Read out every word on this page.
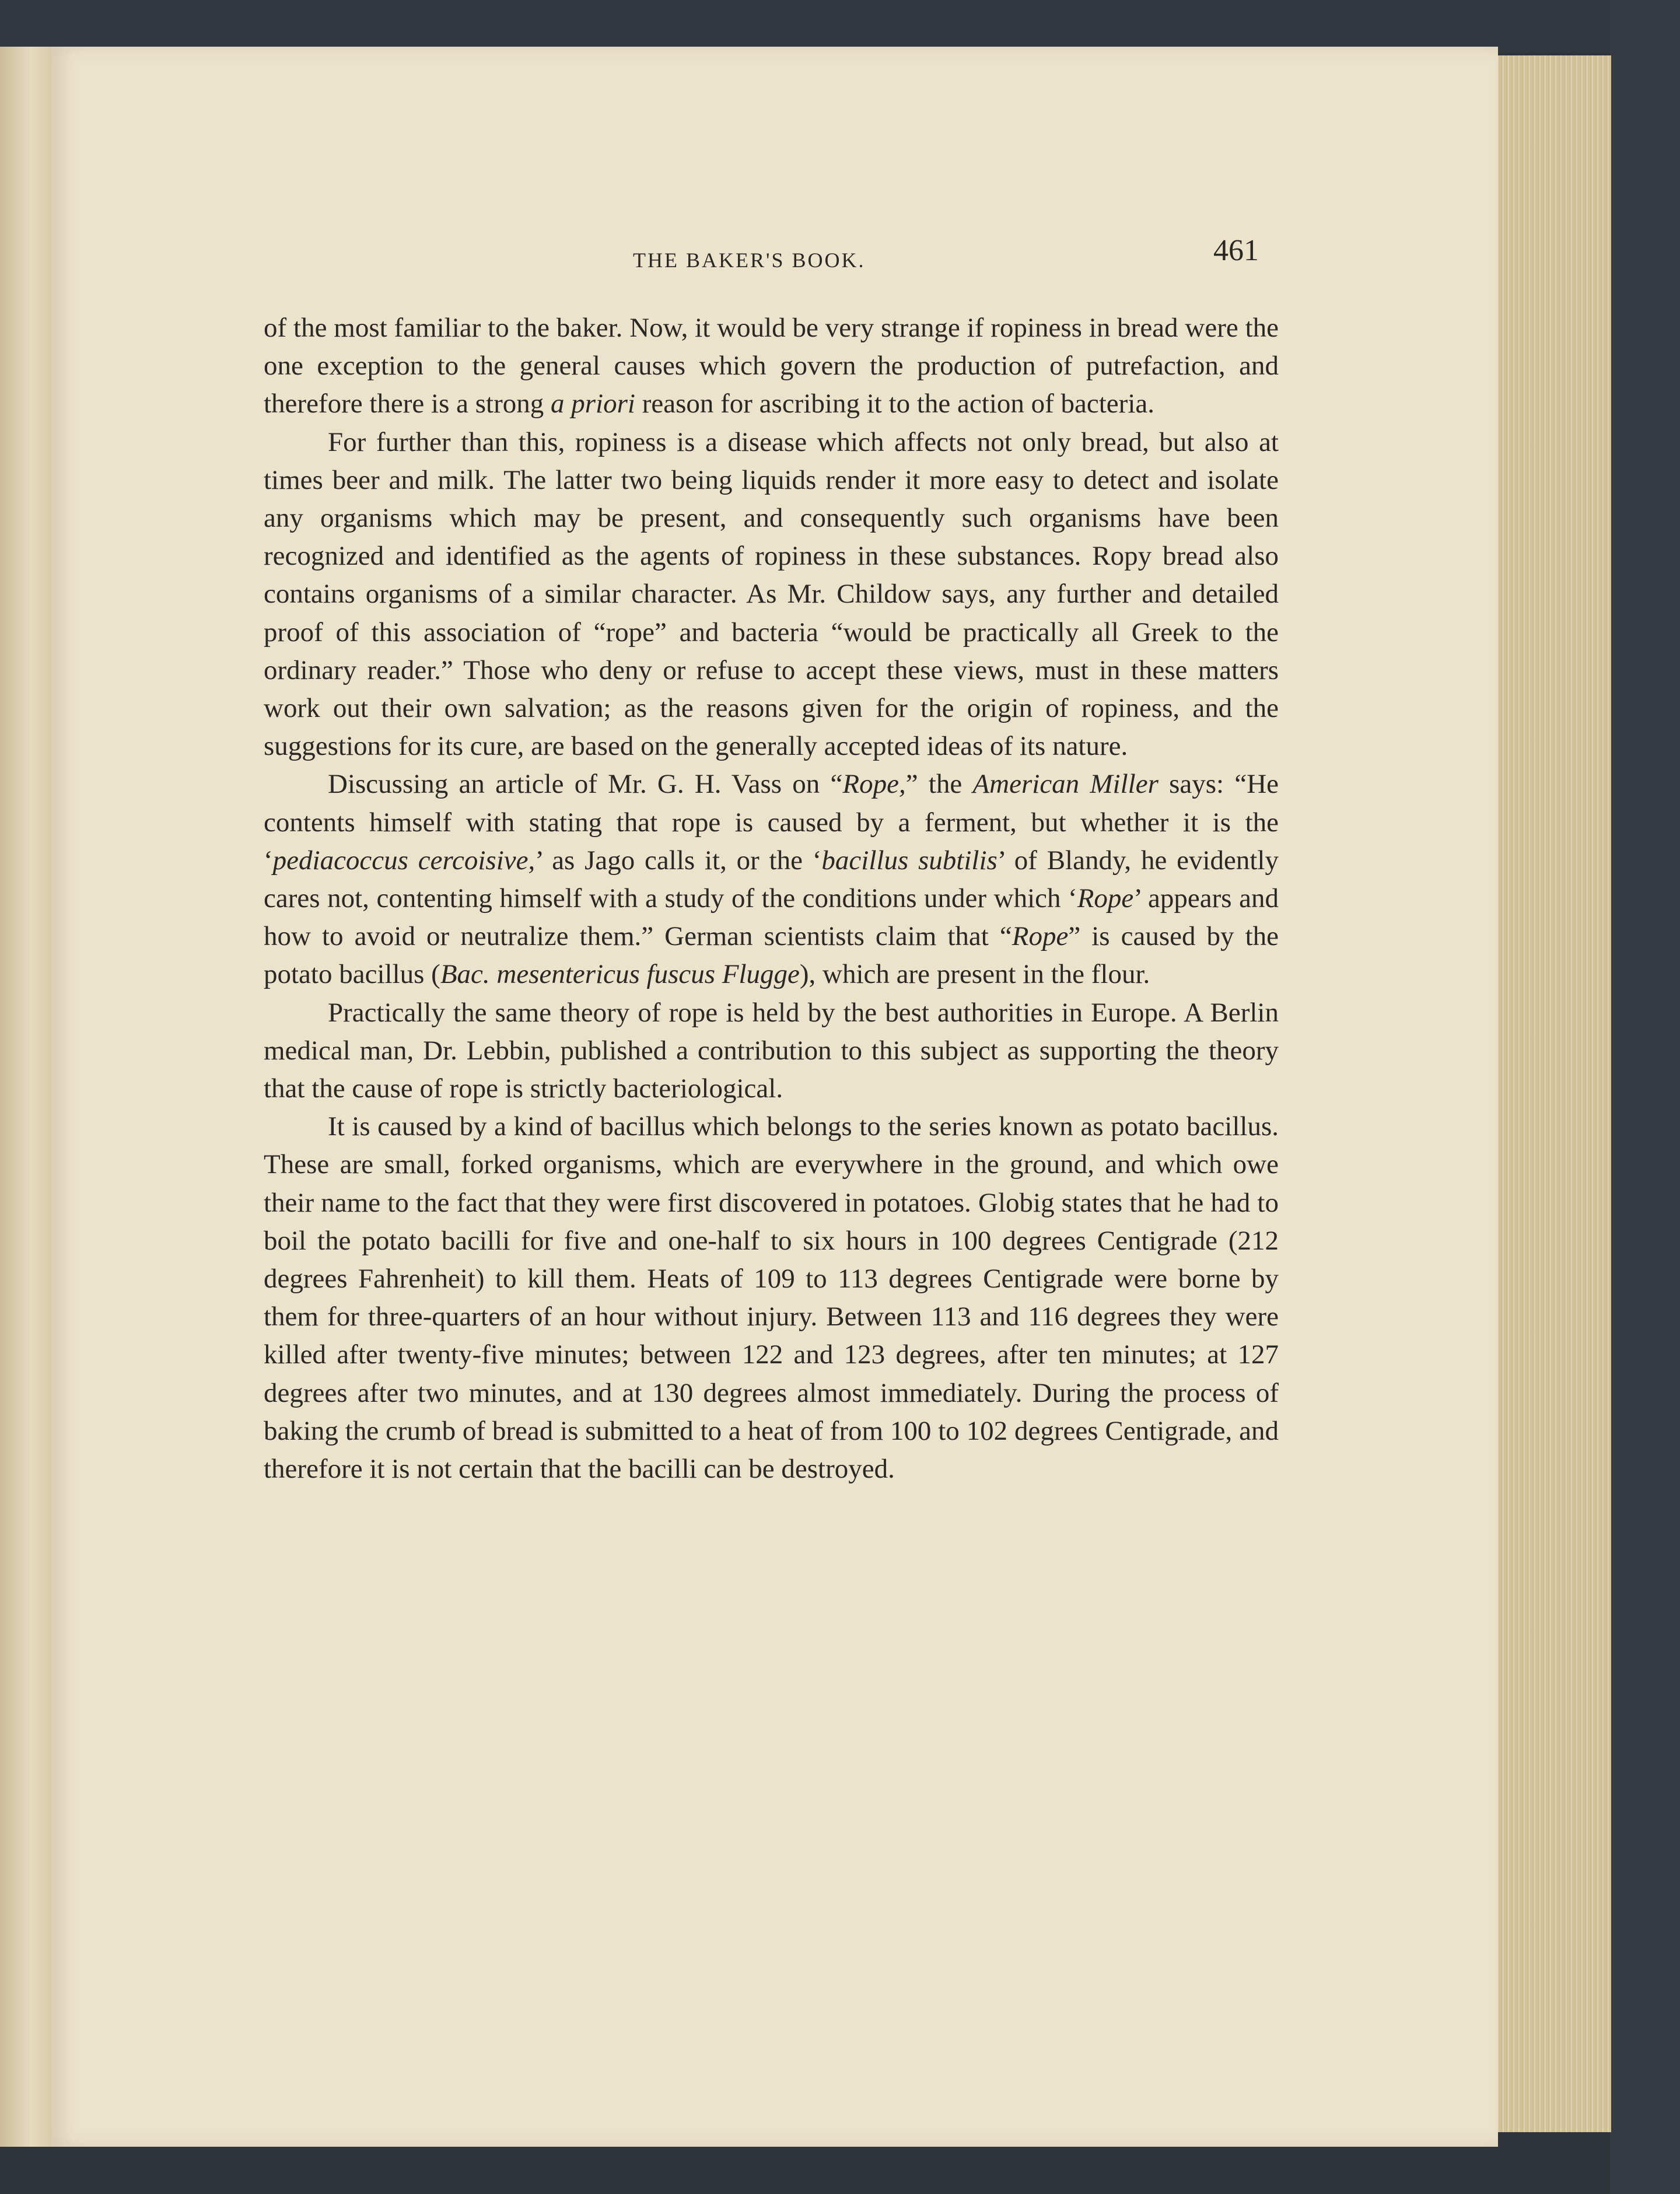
THE BAKER'S BOOK.	461

of the most familiar to the baker. Now, it would be very strange if ropiness in bread were the one exception to the general causes which govern the production of putrefaction, and therefore there is a strong a priori reason for ascribing it to the action of bacteria.

For further than this, ropiness is a disease which affects not only bread, but also at times beer and milk. The latter two being liquids render it more easy to detect and isolate any organisms which may be present, and consequently such organisms have been recognized and identified as the agents of ropiness in these substances. Ropy bread also contains organisms of a similar character. As Mr. Childow says, any further and detailed proof of this association of “rope” and bacteria “would be practically all Greek to the ordinary reader.” Those who deny or refuse to accept these views, must in these matters work out their own salvation; as the reasons given for the origin of ropiness, and the suggestions for its cure, are based on the generally accepted ideas of its nature.

Discussing an article of Mr. G. H. Vass on “Rope,” the American Miller says: “He contents himself with stating that rope is caused by a ferment, but whether it is the ‘pediacoccus cercoisive,’ as Jago calls it, or the ‘bacillus subtilis’ of Blandy, he evidently cares not, contenting himself with a study of the conditions under which ‘Rope’ appears and how to avoid or neutralize them.” German scientists claim that “Rope” is caused by the potato bacillus (Bac. mesentericus fuscus Flugge), which are present in the flour.

Practically the same theory of rope is held by the best authorities in Europe. A Berlin medical man, Dr. Lebbin, published a contribution to this subject as supporting the theory that the cause of rope is strictly bacteriological.

It is caused by a kind of bacillus which belongs to the series known as potato bacillus. These are small, forked organisms, which are everywhere in the ground, and which owe their name to the fact that they were first discovered in potatoes. Globig states that he had to boil the potato bacilli for five and one-half to six hours in 100 degrees Centigrade (212 degrees Fahrenheit) to kill them. Heats of 109 to 113 degrees Centigrade were borne by them for three-quarters of an hour without injury. Between 113 and 116 degrees they were killed after twenty-five minutes; between 122 and 123 degrees, after ten minutes; at 127 degrees after two minutes, and at 130 degrees almost immediately. During the process of baking the crumb of bread is submitted to a heat of from 100 to 102 degrees Centigrade, and therefore it is not certain that the bacilli can be destroyed.
